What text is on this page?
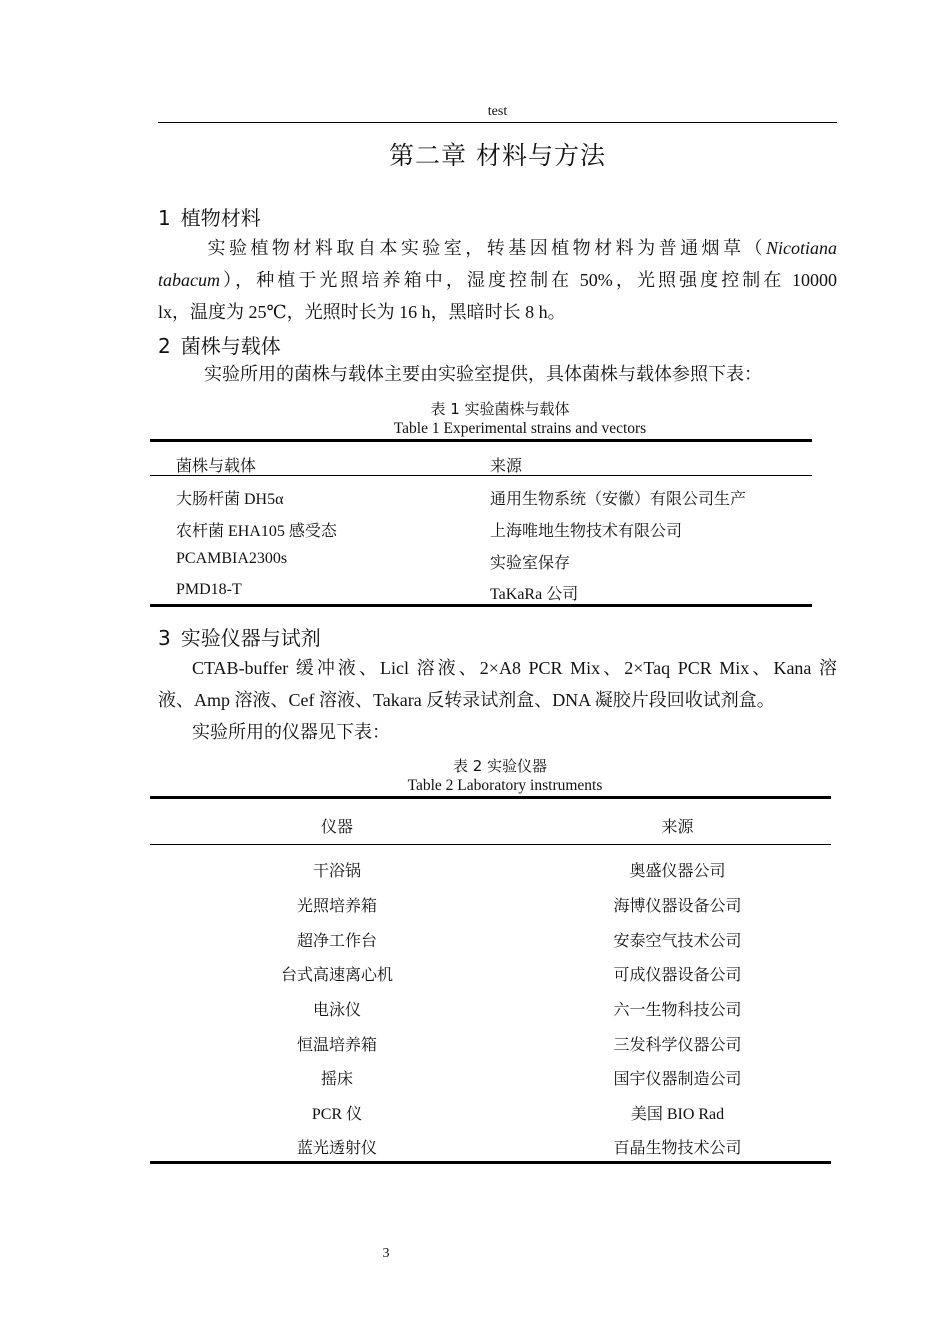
test
第二章 材料与方法
1 植物材料
实验植物材料取自本实验室，转基因植物材料为普通烟草（Nicotiana
tabacum），种植于光照培养箱中，湿度控制在 50%，光照强度控制在 10000
lx，温度为 25℃，光照时长为 16 h，黑暗时长 8 h。
2 菌株与载体
实验所用的菌株与载体主要由实验室提供，具体菌株与载体参照下表：
表 1 实验菌株与载体
Table 1 Experimental strains and vectors
菌株与载体	来源
大肠杆菌 DH5α	通用生物系统（安徽）有限公司生产
农杆菌 EHA105 感受态	上海唯地生物技术有限公司
PCAMBIA2300s	实验室保存
PMD18-T	TaKaRa 公司
3 实验仪器与试剂
CTAB-buffer 缓冲液、Licl 溶液、2×A8 PCR Mix、2×Taq PCR Mix、Kana 溶
液、Amp 溶液、Cef 溶液、Takara 反转录试剂盒、DNA 凝胶片段回收试剂盒。
实验所用的仪器见下表：
表 2 实验仪器
Table 2 Laboratory instruments
仪器	来源
干浴锅	奥盛仪器公司
光照培养箱	海博仪器设备公司
超净工作台	安泰空气技术公司
台式高速离心机	可成仪器设备公司
电泳仪	六一生物科技公司
恒温培养箱	三发科学仪器公司
摇床	国宇仪器制造公司
PCR 仪	美国 BIO Rad
蓝光透射仪	百晶生物技术公司
3
